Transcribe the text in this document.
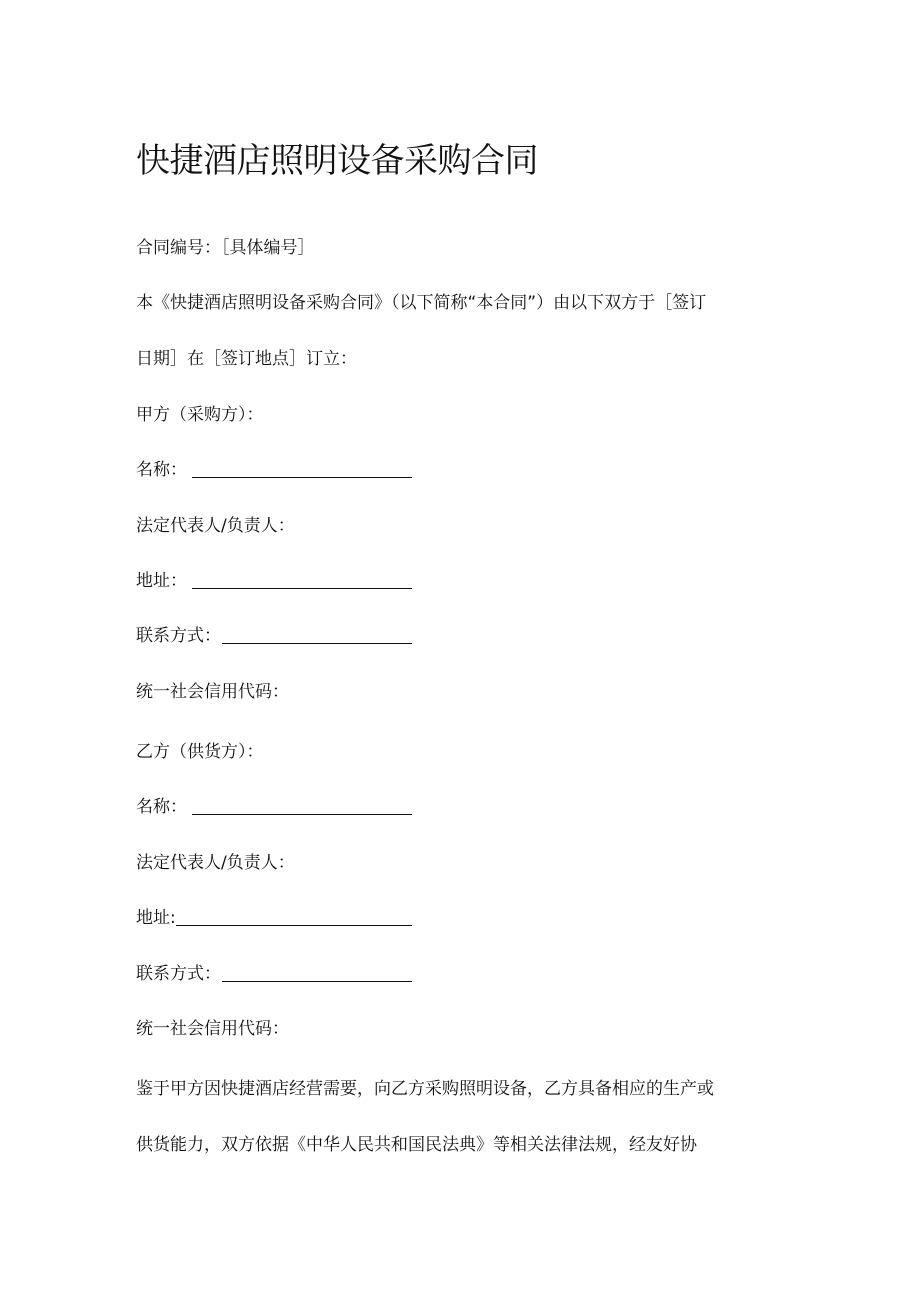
快捷酒店照明设备采购合同
合同编号：［具体编号］
本《快捷酒店照明设备采购合同》（以下简称“本合同”）由以下双方于［签订
日期］在［签订地点］订立：
甲方（采购方）：
名称：
法定代表人/负责人：
地址：
联系方式：
统一社会信用代码：
乙方（供货方）：
名称：
法定代表人/负责人：
地址:
联系方式：
统一社会信用代码：
鉴于甲方因快捷酒店经营需要，向乙方采购照明设备，乙方具备相应的生产或
供货能力，双方依据《中华人民共和国民法典》等相关法律法规，经友好协
